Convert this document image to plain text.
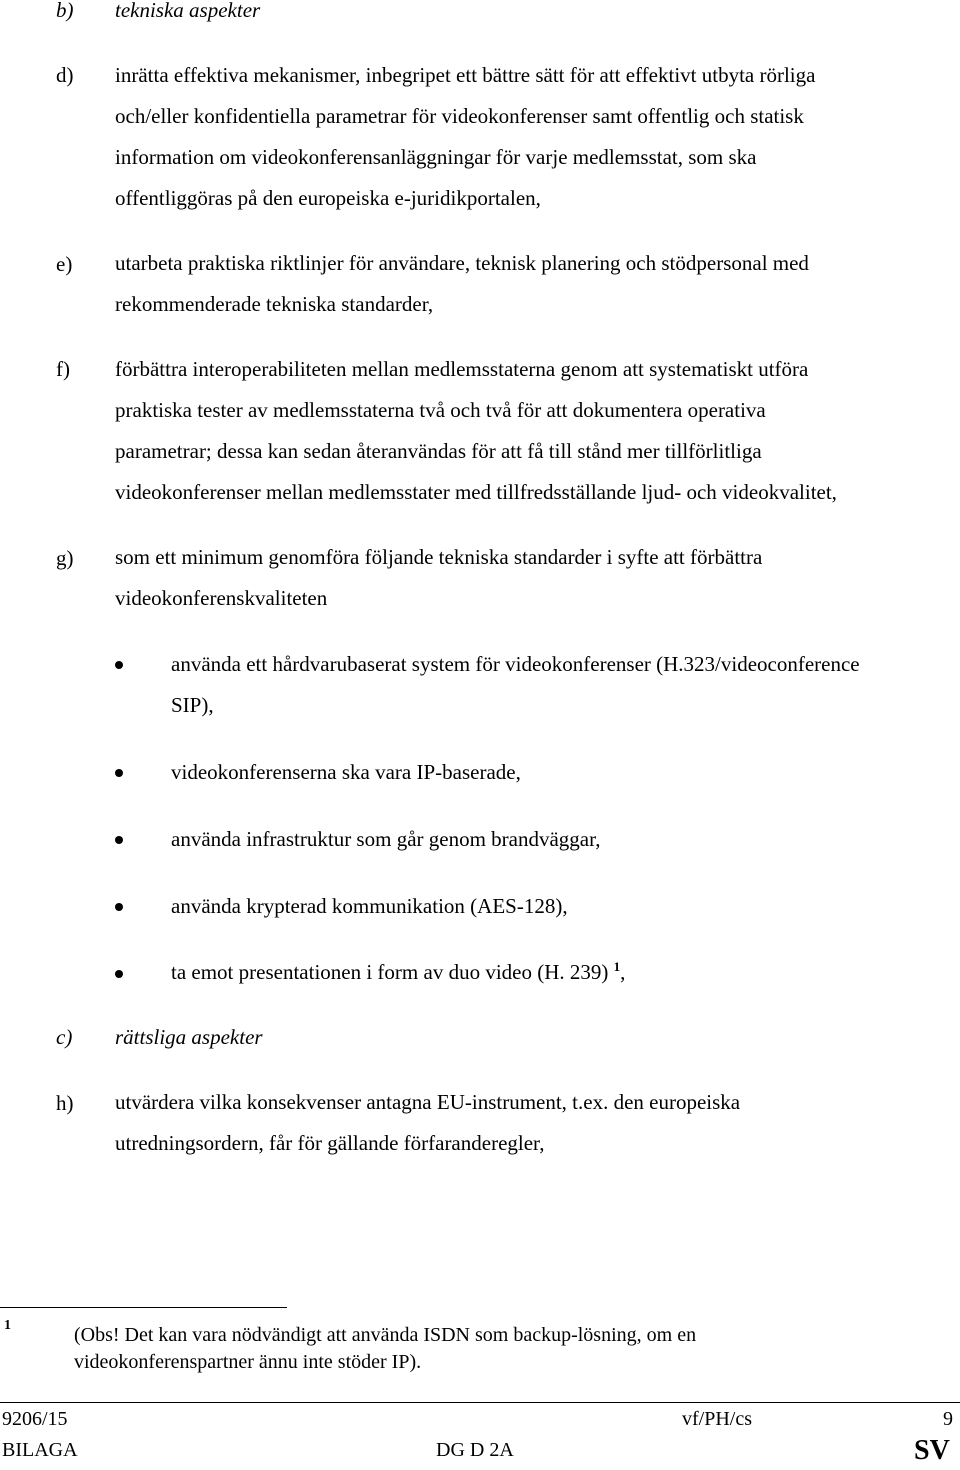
b) tekniska aspekter
d) inrätta effektiva mekanismer, inbegripet ett bättre sätt för att effektivt utbyta rörliga
och/eller konfidentiella parametrar för videokonferenser samt offentlig och statisk
information om videokonferensanläggningar för varje medlemsstat, som ska
offentliggöras på den europeiska e-juridikportalen,
e) utarbeta praktiska riktlinjer för användare, teknisk planering och stödpersonal med
rekommenderade tekniska standarder,
f) förbättra interoperabiliteten mellan medlemsstaterna genom att systematiskt utföra
praktiska tester av medlemsstaterna två och två för att dokumentera operativa
parametrar; dessa kan sedan återanvändas för att få till stånd mer tillförlitliga
videokonferenser mellan medlemsstater med tillfredsställande ljud- och videokvalitet,
g) som ett minimum genomföra följande tekniska standarder i syfte att förbättra
videokonferenskvaliteten
använda ett hårdvarubaserat system för videokonferenser (H.323/videoconference
SIP),
videokonferenserna ska vara IP-baserade,
använda infrastruktur som går genom brandväggar,
använda krypterad kommunikation (AES-128),
ta emot presentationen i form av duo video (H. 239) $^1$,
c) rättsliga aspekter
h) utvärdera vilka konsekvenser antagna EU-instrument, t.ex. den europeiska
utredningsordern, får för gällande förfaranderegler,
1	(Obs! Det kan vara nödvändigt att använda ISDN som backup-lösning, om en
videokonferenspartner ännu inte stöder IP).
9206/15	vf/PH/cs	9
BILAGA	DG D 2A	SV
